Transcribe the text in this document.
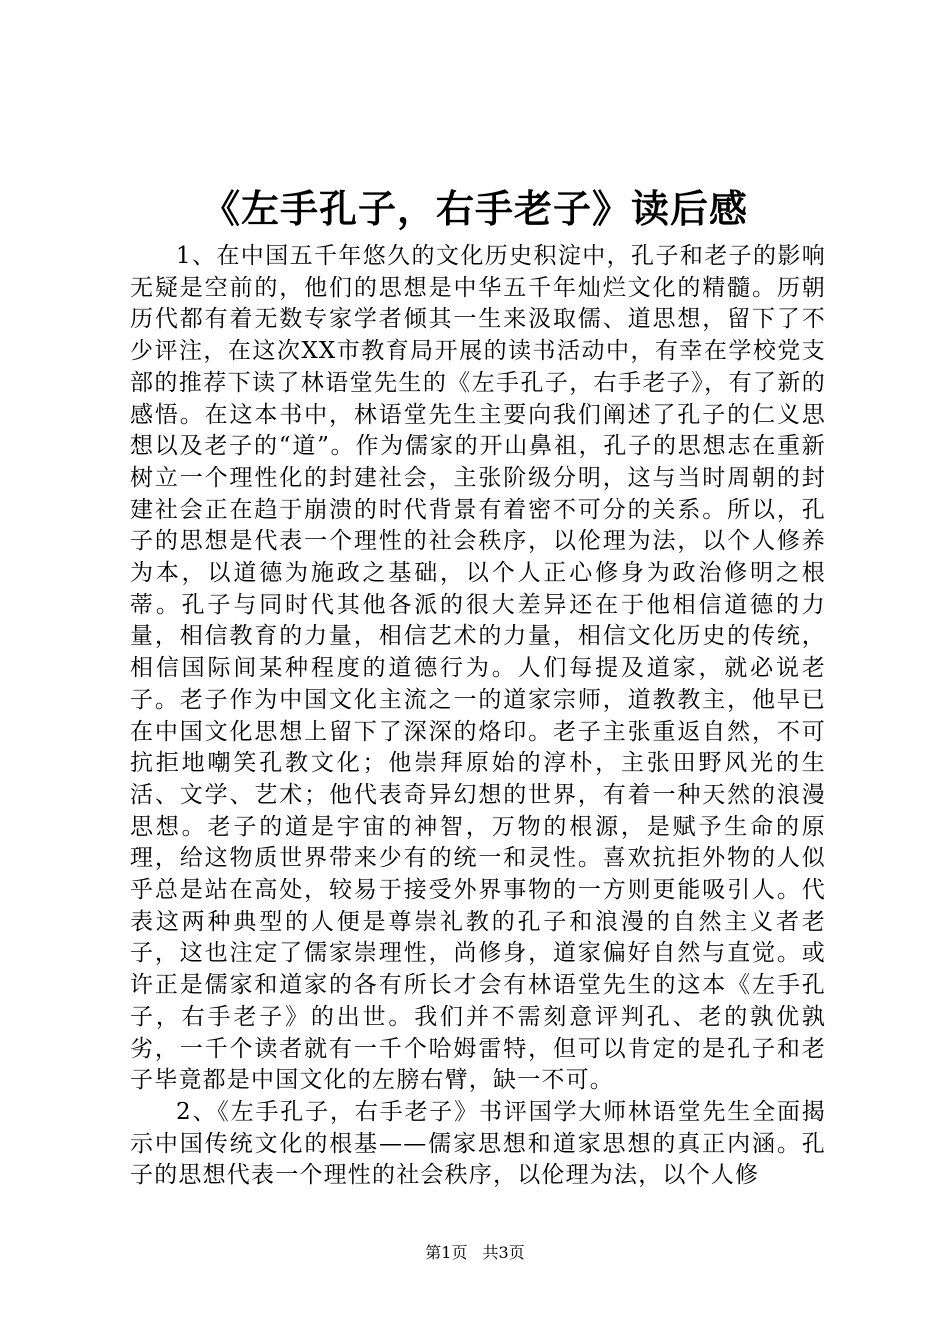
《左手孔子，右手老子》读后感

1、在中国五千年悠久的文化历史积淀中，孔子和老子的影响无疑是空前的，他们的思想是中华五千年灿烂文化的精髓。历朝历代都有着无数专家学者倾其一生来汲取儒、道思想，留下了不少评注，在这次XX市教育局开展的读书活动中，有幸在学校党支部的推荐下读了林语堂先生的《左手孔子，右手老子》，有了新的感悟。在这本书中，林语堂先生主要向我们阐述了孔子的仁义思想以及老子的“道”。作为儒家的开山鼻祖，孔子的思想志在重新树立一个理性化的封建社会，主张阶级分明，这与当时周朝的封建社会正在趋于崩溃的时代背景有着密不可分的关系。所以，孔子的思想是代表一个理性的社会秩序，以伦理为法，以个人修养为本，以道德为施政之基础，以个人正心修身为政治修明之根蒂。孔子与同时代其他各派的很大差异还在于他相信道德的力量，相信教育的力量，相信艺术的力量，相信文化历史的传统，相信国际间某种程度的道德行为。人们每提及道家，就必说老子。老子作为中国文化主流之一的道家宗师，道教教主，他早已在中国文化思想上留下了深深的烙印。老子主张重返自然，不可抗拒地嘲笑孔教文化；他崇拜原始的淳朴，主张田野风光的生活、文学、艺术；他代表奇异幻想的世界，有着一种天然的浪漫思想。老子的道是宇宙的神智，万物的根源，是赋予生命的原理，给这物质世界带来少有的统一和灵性。喜欢抗拒外物的人似乎总是站在高处，较易于接受外界事物的一方则更能吸引人。代表这两种典型的人便是尊崇礼教的孔子和浪漫的自然主义者老子，这也注定了儒家崇理性，尚修身，道家偏好自然与直觉。或许正是儒家和道家的各有所长才会有林语堂先生的这本《左手孔子，右手老子》的出世。我们并不需刻意评判孔、老的孰优孰劣，一千个读者就有一千个哈姆雷特，但可以肯定的是孔子和老子毕竟都是中国文化的左膀右臂，缺一不可。

2、《左手孔子，右手老子》书评国学大师林语堂先生全面揭示中国传统文化的根基——儒家思想和道家思想的真正内涵。孔子的思想代表一个理性的社会秩序，以伦理为法，以个人修

第1页 共3页
